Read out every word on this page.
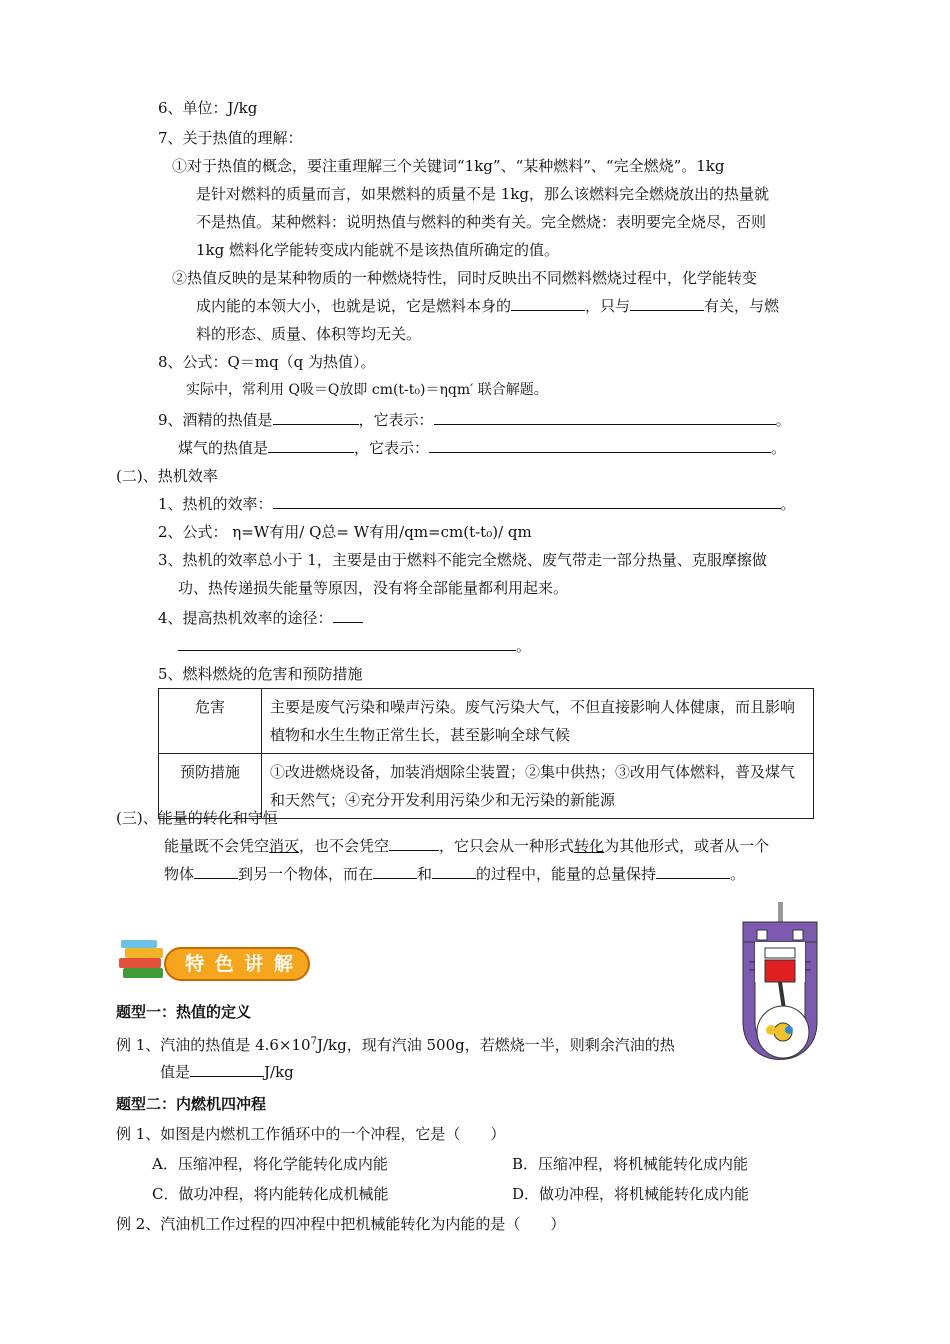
6、单位：J/kg
7、关于热值的理解：
①对于热值的概念，要注重理解三个关键词“1kg”、“某种燃料”、“完全燃烧”。1kg
是针对燃料的质量而言，如果燃料的质量不是 1kg，那么该燃料完全燃烧放出的热量就
不是热值。某种燃料：说明热值与燃料的种类有关。完全燃烧：表明要完全烧尽，否则
1kg 燃料化学能转变成内能就不是该热值所确定的值。
②热值反映的是某种物质的一种燃烧特性，同时反映出不同燃料燃烧过程中，化学能转变
成内能的本领大小，也就是说，它是燃料本身的	，只与	有关，与燃
料的形态、质量、体积等均无关。
8、公式：Q＝mq（q 为热值）。
实际中，常利用 Q吸＝Q放即 cm(t-t₀)＝ηqm′ 联合解题。
9、酒精的热值是	，它表示：	。
煤气的热值是	，它表示：	。
(二)、热机效率
1、热机的效率：	。
2、公式： η=W有用/ Q总= W有用/qm=cm(t-t₀)/ qm
3、热机的效率总小于 1，主要是由于燃料不能完全燃烧、废气带走一部分热量、克服摩擦做
功、热传递损失能量等原因，没有将全部能量都利用起来。
4、提高热机效率的途径：
。
5、燃料燃烧的危害和预防措施
危害	主要是废气污染和噪声污染。废气污染大气，不但直接影响人体健康，而且影响植物和水生生物正常生长，甚至影响全球气候
预防措施	①改进燃烧设备，加装消烟除尘装置；②集中供热；③改用气体燃料，普及煤气和天然气；④充分开发利用污染少和无污染的新能源
(三)、能量的转化和守恒
能量既不会凭空消灭，也不会凭空	，它只会从一种形式转化为其他形式，或者从一个
物体	到另一个物体，而在	和	的过程中，能量的总量保持	。
特 色 讲 解
题型一：热值的定义
例 1、汽油的热值是 $4.6\times 10^7J/kg$，现有汽油 500g，若燃烧一半，则剩余汽油的热
值是	J/kg
题型二：内燃机四冲程
例 1、如图是内燃机工作循环中的一个冲程，它是（　　）
A．压缩冲程，将化学能转化成内能	B．压缩冲程，将机械能转化成内能
C．做功冲程，将内能转化成机械能	D．做功冲程，将机械能转化成内能
例 2、汽油机工作过程的四冲程中把机械能转化为内能的是（　　）
